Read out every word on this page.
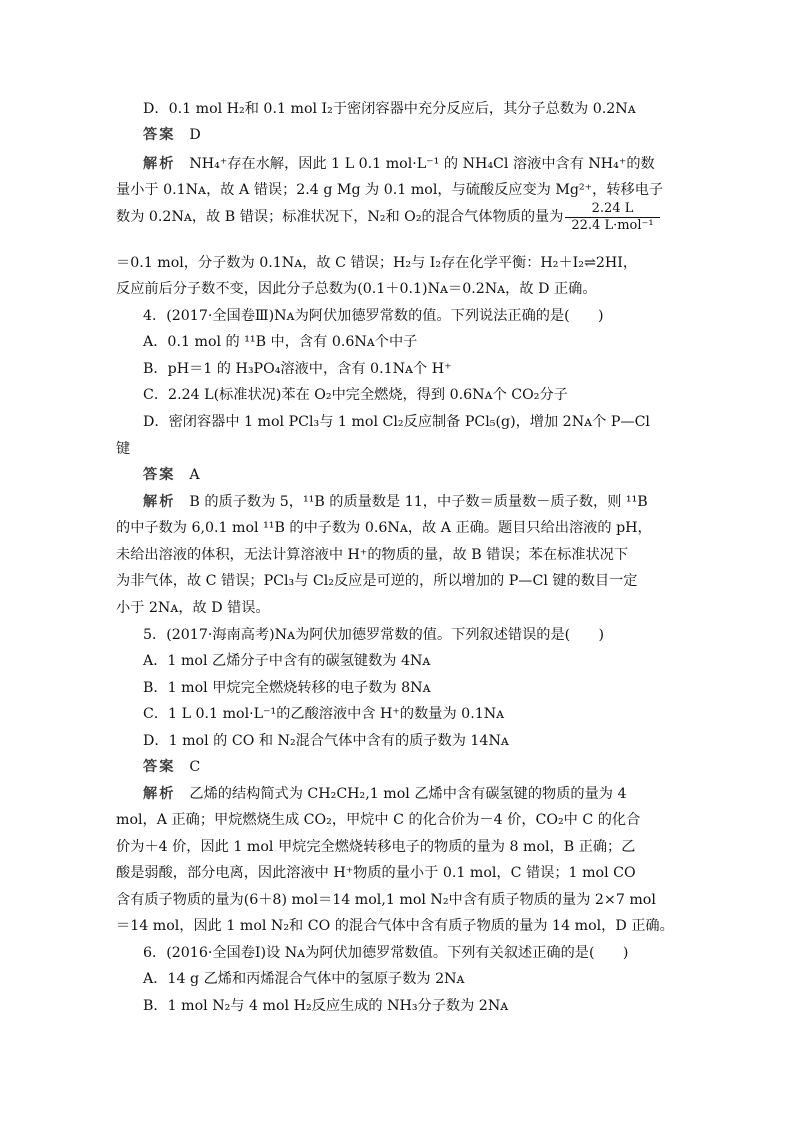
D．0.1 mol H₂和 0.1 mol I₂于密闭容器中充分反应后，其分子总数为 0.2Nᴀ
答案 D
解析 NH₄⁺存在水解，因此 1 L 0.1 mol·L⁻¹ 的 NH₄Cl 溶液中含有 NH₄⁺的数
量小于 0.1Nᴀ，故 A 错误；2.4 g Mg 为 0.1 mol，与硫酸反应变为 Mg²⁺，转移电子
数为 0.2Nᴀ，故 B 错误；标准状况下，N₂和 O₂的混合气体物质的量为 $\frac{2.24 L}{\text{22.4 L·mol⁻¹}}$
＝0.1 mol，分子数为 0.1Nᴀ，故 C 错误；H₂与 I₂存在化学平衡：H₂＋I₂⇌2HI，
反应前后分子数不变，因此分子总数为(0.1＋0.1)Nᴀ＝0.2Nᴀ，故 D 正确。
4．(2017·全国卷Ⅲ)Nᴀ为阿伏加德罗常数的值。下列说法正确的是(　　)
A．0.1 mol 的 ¹¹B 中，含有 0.6Nᴀ个中子
B．pH＝1 的 H₃PO₄溶液中，含有 0.1Nᴀ个 H⁺
C．2.24 L(标准状况)苯在 O₂中完全燃烧，得到 0.6Nᴀ个 CO₂分子
D．密闭容器中 1 mol PCl₃与 1 mol Cl₂反应制备 PCl₅(g)，增加 2Nᴀ个 P—Cl
键
答案 A
解析 B 的质子数为 5，¹¹B 的质量数是 11，中子数＝质量数－质子数，则 ¹¹B
的中子数为 6,0.1 mol ¹¹B 的中子数为 0.6Nᴀ，故 A 正确。题目只给出溶液的 pH，
未给出溶液的体积，无法计算溶液中 H⁺的物质的量，故 B 错误；苯在标准状况下
为非气体，故 C 错误；PCl₃与 Cl₂反应是可逆的，所以增加的 P—Cl 键的数目一定
小于 2Nᴀ，故 D 错误。
5．(2017·海南高考)Nᴀ为阿伏加德罗常数的值。下列叙述错误的是(　　)
A．1 mol 乙烯分子中含有的碳氢键数为 4Nᴀ
B．1 mol 甲烷完全燃烧转移的电子数为 8Nᴀ
C．1 L 0.1 mol·L⁻¹的乙酸溶液中含 H⁺的数量为 0.1Nᴀ
D．1 mol 的 CO 和 N₂混合气体中含有的质子数为 14Nᴀ
答案 C
解析 乙烯的结构简式为 CH₂CH₂,1 mol 乙烯中含有碳氢键的物质的量为 4
mol，A 正确；甲烷燃烧生成 CO₂，甲烷中 C 的化合价为－4 价，CO₂中 C 的化合
价为＋4 价，因此 1 mol 甲烷完全燃烧转移电子的物质的量为 8 mol，B 正确；乙
酸是弱酸，部分电离，因此溶液中 H⁺物质的量小于 0.1 mol，C 错误；1 mol CO
含有质子物质的量为(6＋8) mol＝14 mol,1 mol N₂中含有质子物质的量为 2×7 mol
＝14 mol，因此 1 mol N₂和 CO 的混合气体中含有质子物质的量为 14 mol，D 正确。
6．(2016·全国卷Ⅰ)设 Nᴀ为阿伏加德罗常数值。下列有关叙述正确的是(　　)
A．14 g 乙烯和丙烯混合气体中的氢原子数为 2Nᴀ
B．1 mol N₂与 4 mol H₂反应生成的 NH₃分子数为 2Nᴀ
